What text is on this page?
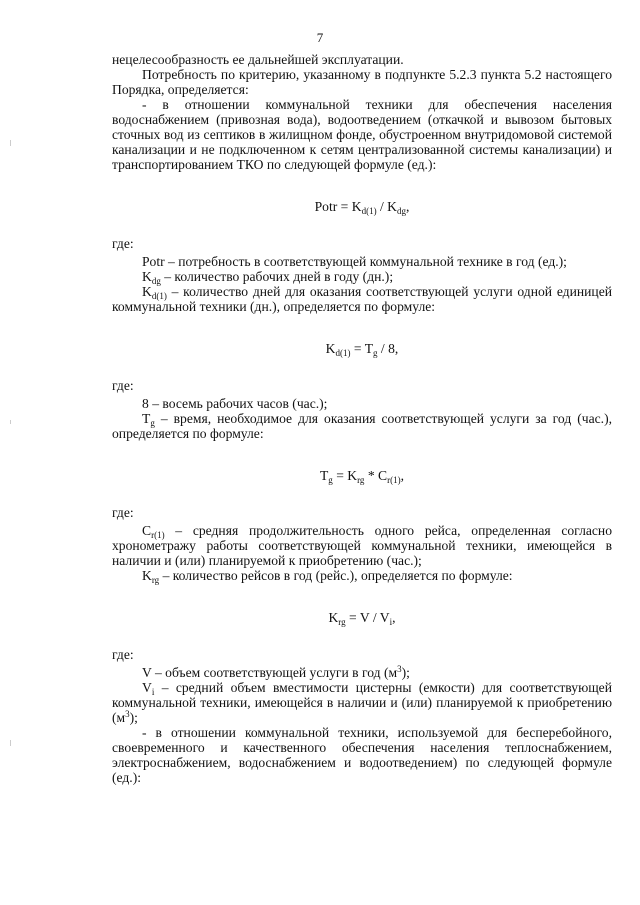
7

нецелесообразность ее дальнейшей эксплуатации.

Потребность по критерию, указанному в подпункте 5.2.3 пункта 5.2 настоящего Порядка, определяется:

- в отношении коммунальной техники для обеспечения населения водоснабжением (привозная вода), водоотведением (откачкой и вывозом бытовых сточных вод из септиков в жилищном фонде, обустроенном внутридомовой системой канализации и не подключенном к сетям централизованной системы канализации) и транспортированием ТКО по следующей формуле (ед.):

Potr = $K_{d(1)} / K_{dg}$,

где:

Potr – потребность в соответствующей коммунальной технике в год (ед.);

$K_{dg}$ – количество рабочих дней в году (дн.);

$K_{d(1)}$ – количество дней для оказания соответствующей услуги одной единицей коммунальной техники (дн.), определяется по формуле:

$K_{d(1)} = T_g / 8$,

где:

8 – восемь рабочих часов (час.);

$T_g$ – время, необходимое для оказания соответствующей услуги за год (час.), определяется по формуле:

$T_g = K_{rg} * C_{r(1)}$,

где:

$C_{r(1)}$ – средняя продолжительность одного рейса, определенная согласно хронометражу работы соответствующей коммунальной техники, имеющейся в наличии и (или) планируемой к приобретению (час.);

$K_{rg}$ – количество рейсов в год (рейс.), определяется по формуле:

$K_{rg} = V / V_i$,

где:

V – объем соответствующей услуги в год $(м^3)$;

$V_i$ – средний объем вместимости цистерны (емкости) для соответствующей коммунальной техники, имеющейся в наличии и (или) планируемой к приобретению $(м^3)$;

- в отношении коммунальной техники, используемой для бесперебойного, своевременного и качественного обеспечения населения теплоснабжением, электроснабжением, водоснабжением и водоотведением) по следующей формуле (ед.):
